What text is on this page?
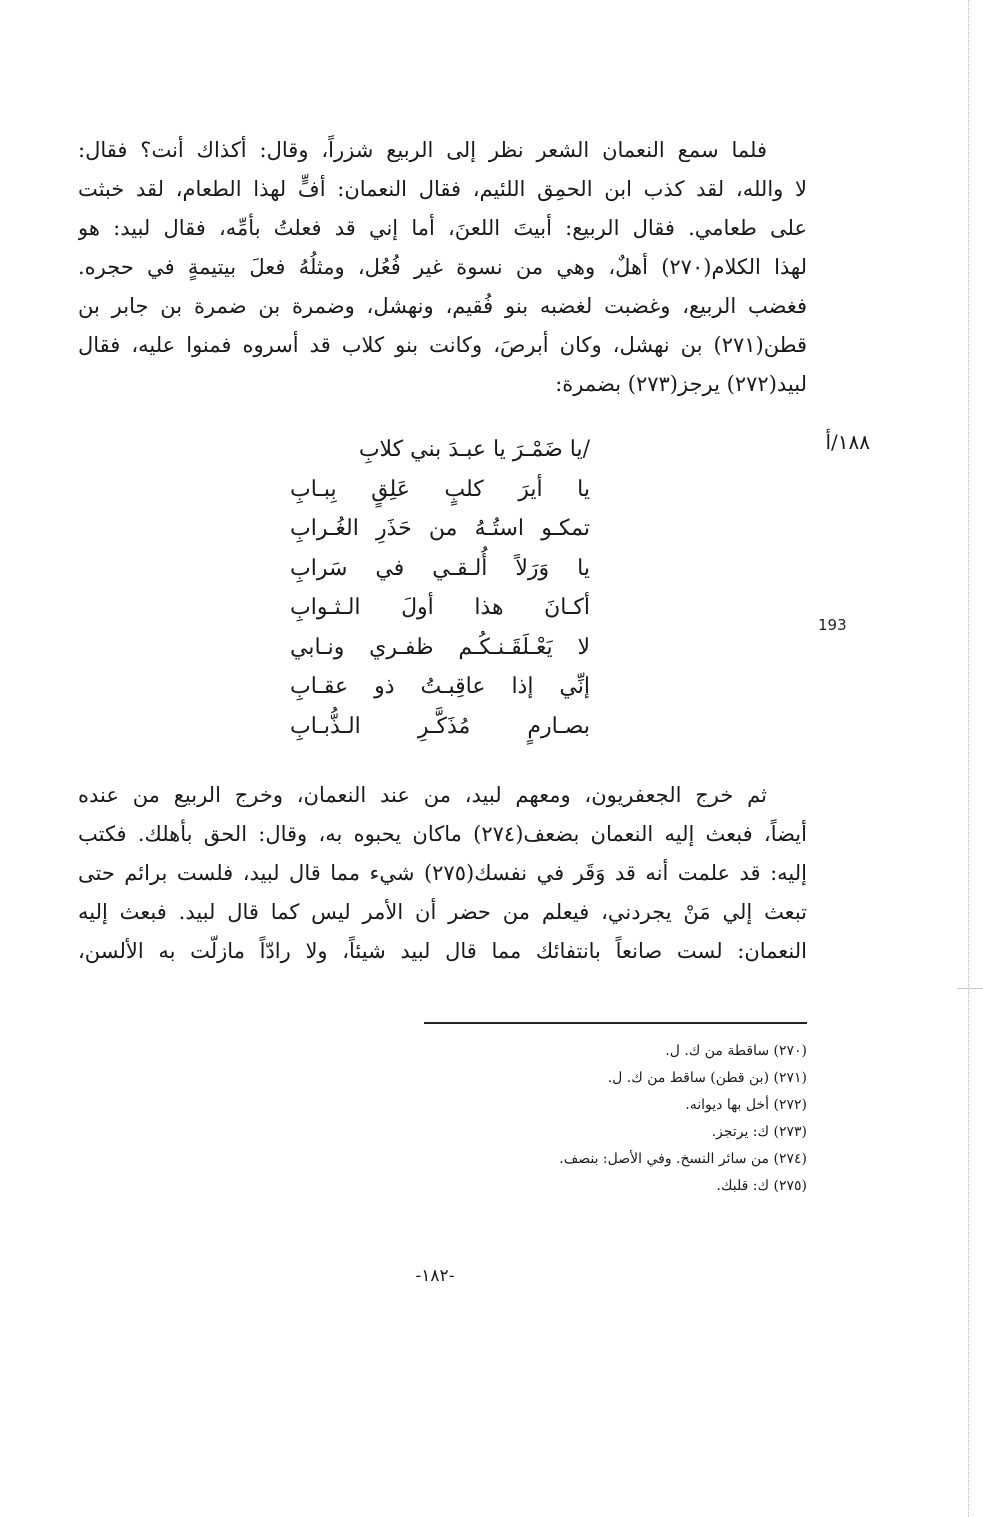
فلما سمع النعمان الشعر نظر إلى الربيع شزراً، وقال: أكذاك أنت؟ فقال:
لا والله، لقد كذب ابن الحمِق اللئيم، فقال النعمان: أفٍّ لهذا الطعام، لقد خبثت
على طعامي. فقال الربيع: أبيتَ اللعنَ، أما إني قد فعلتُ بأمِّه، فقال لبيد: هو
لهذا الكلام(٢٧٠) أهلٌ، وهي من نسوة غير فُعُل، ومثلُهُ فعلَ بيتيمةٍ في حجره.
فغضب الربيع، وغضبت لغضبه بنو فُقيم، ونهشل، وضمرة بن ضمرة بن جابر بن
قطن(٢٧١) بن نهشل، وكان أبرصَ، وكانت بنو كلاب قد أسروه فمنوا عليه، فقال
لبيد(٢٧٢) يرجز(٢٧٣) بضمرة:
١٨٨/أ
193
/يا ضَمْـرَ يا عبـدَ بني كلابِ
يا أيرَ كلبٍ عَلِقٍ بِبـابِ
تمكـو استُـهُ من حَذَرِ الغُـرابِ
يا وَرَلاً أُلـقـي في سَرابِ
أكـانَ هذا أولَ الـثـوابِ
لا يَعْـلَقَـنـكُـم ظفـري ونـابي
إنِّي إذا عاقِبـتُ ذو عقـابِ
بصـارمٍ مُذَكَّـرِ الـذُّبـابِ
ثم خرج الجعفريون، ومعهم لبيد، من عند النعمان، وخرج الربيع من عنده
أيضاً، فبعث إليه النعمان بضعف(٢٧٤) ماكان يحبوه به، وقال: الحق بأهلك. فكتب
إليه: قد علمت أنه قد وَقَر في نفسك(٢٧٥) شيء مما قال لبيد، فلست برائم حتى
تبعث إلي مَنْ يجردني، فيعلم من حضر أن الأمر ليس كما قال لبيد. فبعث إليه
النعمان: لست صانعاً بانتفائك مما قال لبيد شيئاً، ولا رادّاً مازلّت به الألسن،
(٢٧٠) ساقطة من ك. ل.
(٢٧١) (بن قطن) ساقط من ك. ل.
(٢٧٢) أخل بها ديوانه.
(٢٧٣) ك: يرتجز.
(٢٧٤) من سائر النسخ. وفي الأصل: بنصف.
(٢٧٥) ك: قلبك.
-١٨٢-
